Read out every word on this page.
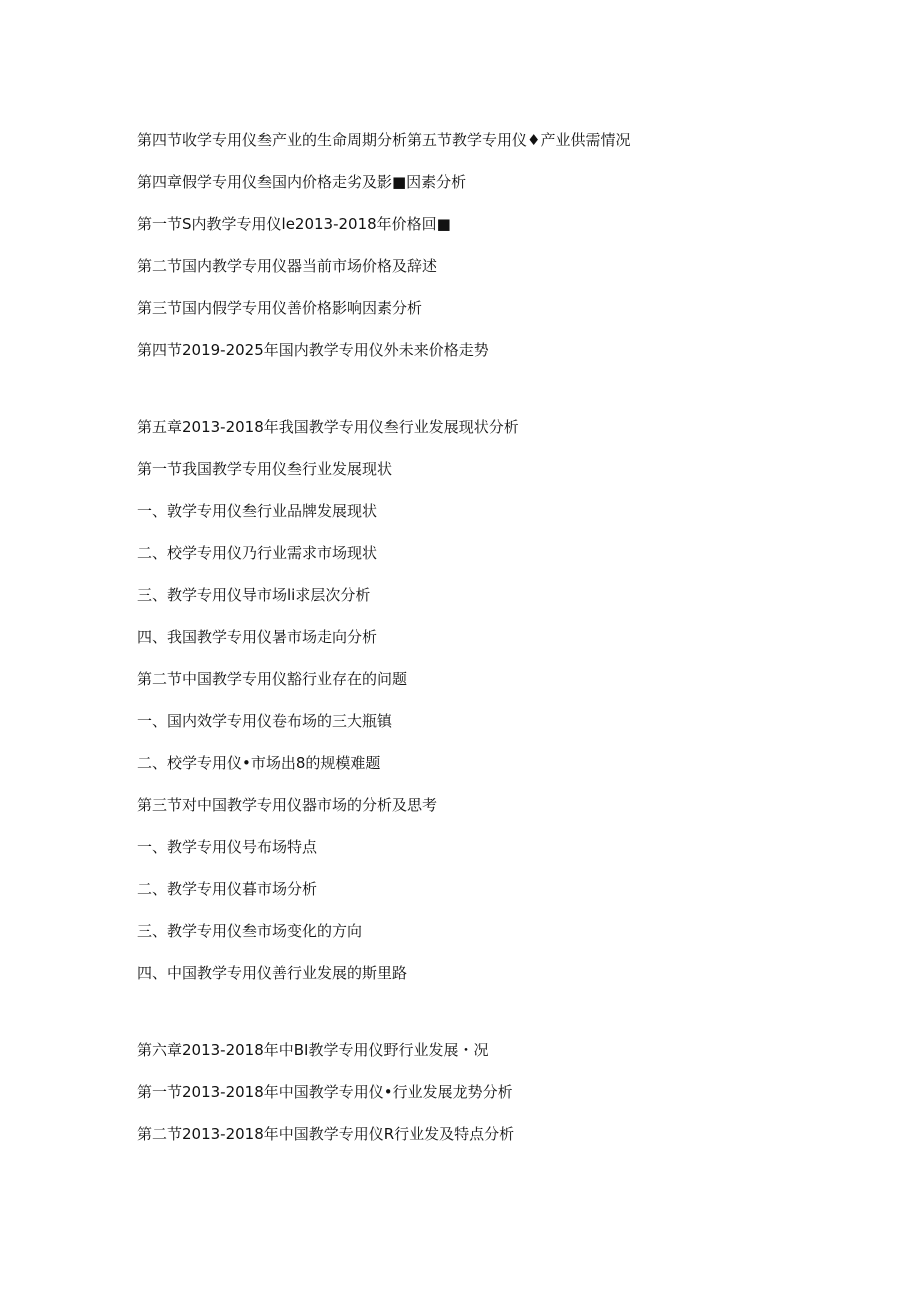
第四节收学专用仪叁产业的生命周期分析第五节教学专用仪♦产业供需情况
第四章假学专用仪叁国内价格走劣及影■因素分析
第一节S内教学专用仪le2013-2018年价格回■
第二节国内教学专用仪器当前市场价格及辞述
第三节国内假学专用仪善价格影响因素分析
第四节2019-2025年国内教学专用仪外未来价格走势
第五章2013-2018年我国教学专用仪叁行业发展现状分析
第一节我国教学专用仪叁行业发展现状
一、敦学专用仪叁行业品牌发展现状
二、校学专用仪乃行业需求市场现状
三、教学专用仪导市场li求层次分析
四、我国教学专用仪暑市场走向分析
第二节中国教学专用仪豁行业存在的问题
一、国内效学专用仪卷布场的三大瓶镇
二、校学专用仪•市场出8的规模难题
第三节对中国教学专用仪器市场的分析及思考
一、教学专用仪号布场特点
二、教学专用仪暮市场分析
三、教学专用仪叁市场变化的方向
四、中国教学专用仪善行业发展的斯里路
第六章2013-2018年中BI教学专用仪野行业发展・况
第一节2013-2018年中国教学专用仪•行业发展龙势分析
第二节2013-2018年中国教学专用仪R行业发及特点分析
